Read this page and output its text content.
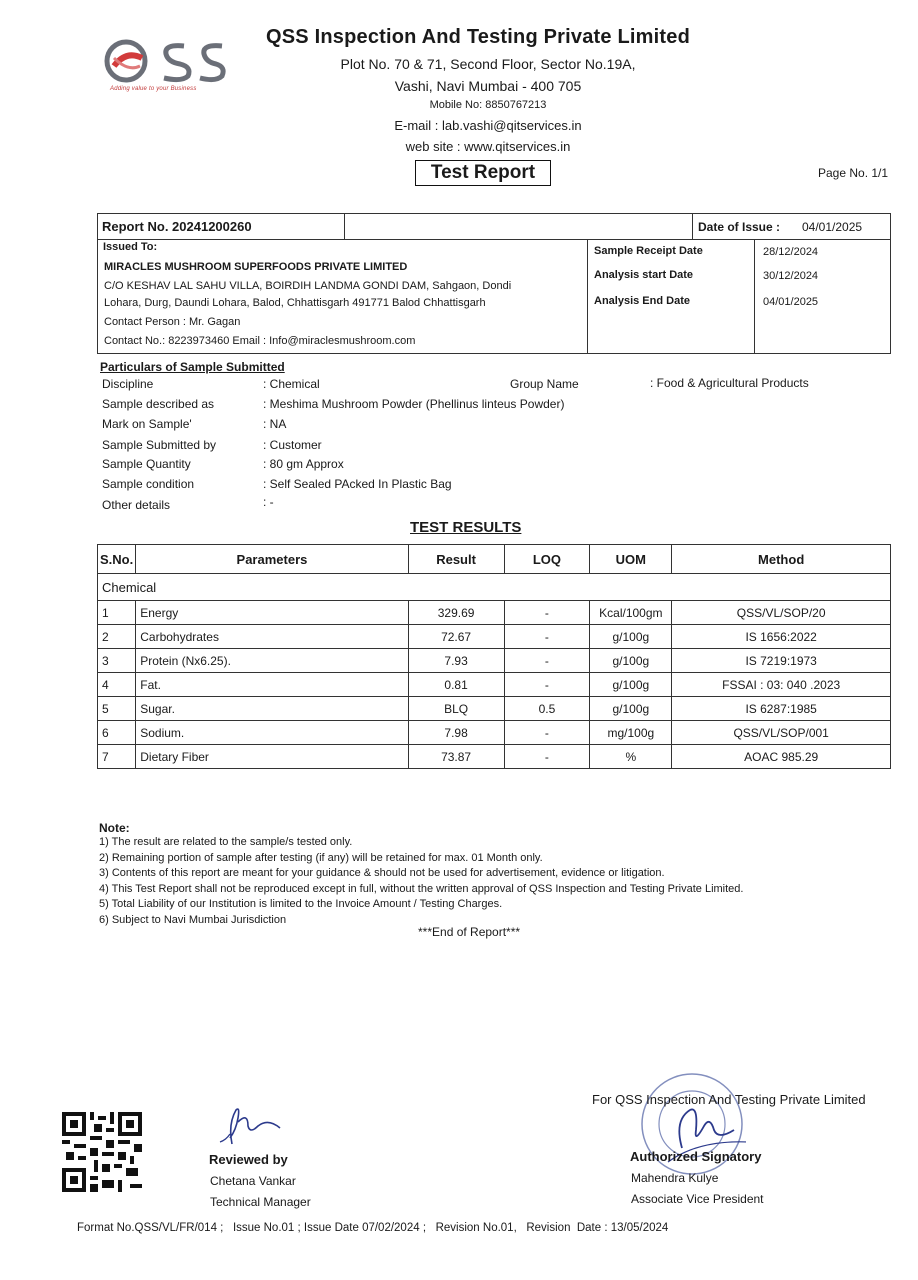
Adding value to your Business
QSS Inspection And Testing Private Limited
Plot No. 70 & 71, Second Floor, Sector No.19A,
Vashi, Navi Mumbai - 400 705
Mobile No: 8850767213
E-mail : lab.vashi@qitservices.in
web site : www.qitservices.in
Test Report	Page No. 1/1
Report No. 20241200260	Date of Issue : 04/01/2025
Issued To:
MIRACLES MUSHROOM SUPERFOODS PRIVATE LIMITED
C/O KESHAV LAL SAHU VILLA, BOIRDIH LANDMA GONDI DAM, Sahgaon, Dondi
Lohara, Durg, Daundi Lohara, Balod, Chhattisgarh 491771 Balod Chhattisgarh
Contact Person : Mr. Gagan
Contact No.: 8223973460 Email : Info@miraclesmushroom.com
Sample Receipt Date	28/12/2024
Analysis start Date	30/12/2024
Analysis End Date	04/01/2025
Particulars of Sample Submitted
Discipline	: Chemical
Sample described as	: Meshima Mushroom Powder (Phellinus linteus Powder)
Mark on Sample'	: NA
Sample Submitted by	: Customer
Sample Quantity	: 80 gm Approx
Sample condition	: Self Sealed PAcked In Plastic Bag
Other details	: -
Group Name	: Food & Agricultural Products
TEST RESULTS
S.No.	Parameters	Result	LOQ	UOM	Method
Chemical					
1	Energy	329.69	-	Kcal/100gm	QSS/VL/SOP/20
2	Carbohydrates	72.67	-	g/100g	IS 1656:2022
3	Protein (Nx6.25).	7.93	-	g/100g	IS 7219:1973
4	Fat.	0.81	-	g/100g	FSSAI : 03: 040 .2023
5	Sugar.	BLQ	0.5	g/100g	IS 6287:1985
6	Sodium.	7.98	-	mg/100g	QSS/VL/SOP/001
7	Dietary Fiber	73.87	-	%	AOAC 985.29
Note:
1) The result are related to the sample/s tested only.
2) Remaining portion of sample after testing (if any) will be retained for max. 01 Month only.
3) Contents of this report are meant for your guidance & should not be used for advertisement, evidence or litigation.
4) This Test Report shall not be reproduced except in full, without the written approval of QSS Inspection and Testing Private Limited.
5) Total Liability of our Institution is limited to the Invoice Amount / Testing Charges.
6) Subject to Navi Mumbai Jurisdiction
***End of Report***
Reviewed by
Chetana Vankar
Technical Manager
For QSS Inspection And Testing Private Limited
Authorized Signatory
Mahendra Kulye
Associate Vice President
Format No.QSS/VL/FR/014 ;   Issue No.01 ; Issue Date 07/02/2024 ;   Revision No.01,   Revision  Date : 13/05/2024
